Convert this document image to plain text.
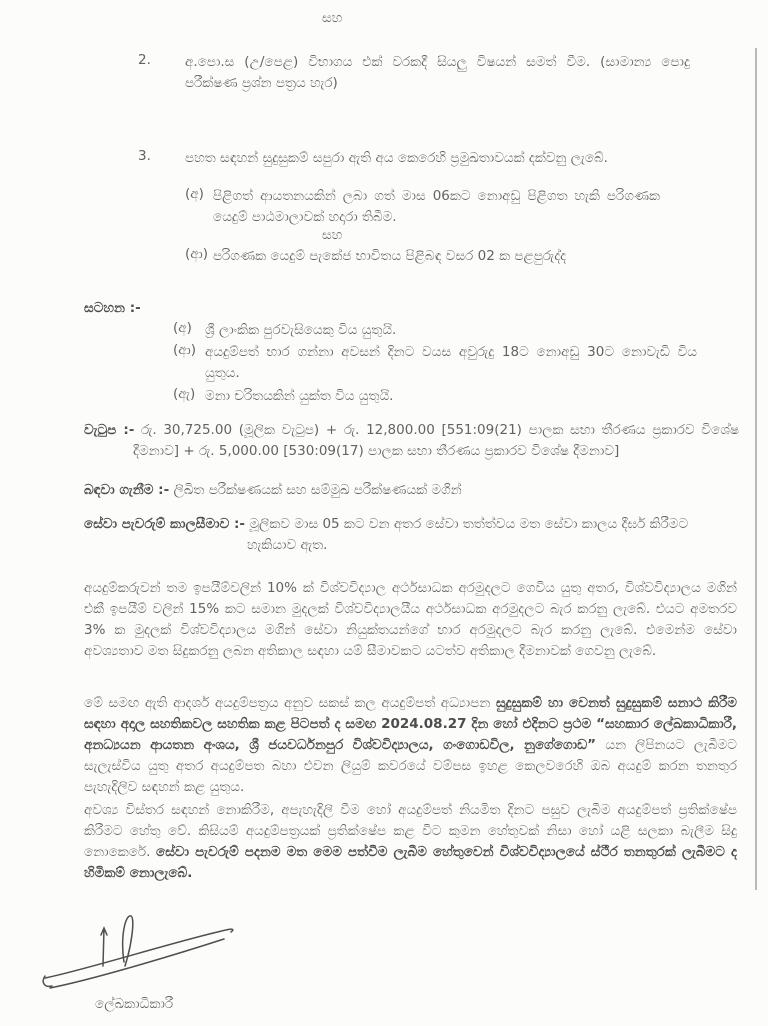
සහ
2.	අ.පො.ස (උ/පෙළ) විභාගය එක් වරකදී සියලු විෂයන් සමත් වීම. (සාමාන්‍ය පොදු පරීක්ෂණ ප්‍රශ්න පත්‍රය හැර)
3.	පහත සඳහන් සුදුසුකම් සපුරා ඇති අය කෙරෙහි ප්‍රමුඛතාවයක් දක්වනු ලැබේ.
(අ) පිළිගත් ආයතනයකින් ලබා ගත් මාස 06කට නොඅඩු පිළිගත හැකි පරිගණක යෙදුම් පාඨමාලාවක් හදාරා තිබීම.
සහ
(ආ) පරිගණක යෙදුම් පැකේජ භාවිතය පිළිබඳ වසර 02 ක පළපුරුද්ද
සටහන :-
(අ) ශ්‍රී ලාංකික පුරවැසියෙකු විය යුතුයි.
(ආ) අයදුම්පත් භාර ගන්නා අවසන් දිනට වයස අවුරුදු 18ට නොඅඩු 30ට නොවැඩි විය යුතුය.
(ඇ) මනා චරිතයකින් යුක්ත විය යුතුයි.
වැටුප :- රු. 30,725.00 (මූලික වැටුප) + රු. 12,800.00 [551:09(21) පාලක සභා තීරණය ප්‍රකාරව විශේෂ දීමනාව] + රු. 5,000.00 [530:09(17) පාලක සභා තීරණය ප්‍රකාරව විශේෂ දීමනාව]
බඳවා ගැනීම :- ලිඛිත පරීක්ෂණයක් සහ සම්මුඛ පරීක්ෂණයක් මගින්
සේවා පැවරුම් කාලසීමාව :- මූලිකව මාස 05 කට වන අතර සේවා තත්ත්වය මත සේවා කාලය දීර්ඝ කිරීමට හැකියාව ඇත.
අයදුම්කරුවන් තම ඉපයීම්වලින් 10% ක් විශ්වවිද්‍යාල අර්ථසාධක අරමුදලට ගෙවිය යුතු අතර, විශ්වවිද්‍යාලය මගින් එකී ඉපයීම් වලින් 15% කට සමාන මුදලක් විශ්වවිද්‍යාලයීය අර්ථසාධක අරමුදලට බැර කරනු ලැබේ. එයට අමතරව 3% ක මුදලක් විශ්වවිද්‍යාලය මගින් සේවා නියුක්තයන්ගේ භාර අරමුදලට බැර කරනු ලැබේ. එමෙන්ම සේවා අවශ්‍යතාව මත සිදුකරනු ලබන අතිකාල සඳහා යම් සීමාවකට යටත්ව අතිකාල දීමනාවක් ගෙවනු ලැබේ.
මේ සමඟ ඇති ආදර්ශ අයදුම්පත්‍රය අනුව සකස් කල අයදුම්පත් අධ්‍යාපන සුදුසුකම් හා වෙනත් සුදුසුකම් සනාථ කිරීම සඳහා අදාල සහතිකවල සහතික කළ පිටපත් ද සමඟ 2024.08.27 දින හෝ එදිනට ප්‍රථම “සහකාර ලේඛකාධිකාරී, අනධ්‍යයන ආයතන අංශය, ශ්‍රී ජයවර්ධනපුර විශ්වවිද්‍යාලය, ගංගොඩවිල, නුගේගොඩ” යන ලිපිනයට ලැබීමට සැලැස්විය යුතු අතර අයදුම්පත බහා එවන ලියුම් කවරයේ වම්පස ඉහළ කෙලවරෙහි ඔබ අයදුම් කරන තනතුර පැහැදිලිව සඳහන් කළ යුතුය.
අවශ්‍ය විස්තර සඳහන් නොකිරීම, අපැහැදිලි වීම හෝ අයදුම්පත් නියමිත දිනට පසුව ලැබීම අයදුම්පත් ප්‍රතික්ෂේප කිරීමට හේතු වේ. කිසියම් අයදුම්පත්‍රයක් ප්‍රතික්ෂේප කළ විට කුමන හේතුවක් නිසා හෝ යළි සලකා බැලීම සිදු නොකෙරේ. සේවා පැවරුම් පදනම මත මෙම පත්වීම ලැබීම හේතුවෙන් විශ්වවිද්‍යාලයේ ස්ථීර තනතුරක් ලැබීමට ද හිමිකම් නොලැබේ.
ලේඛකාධිකාරී
